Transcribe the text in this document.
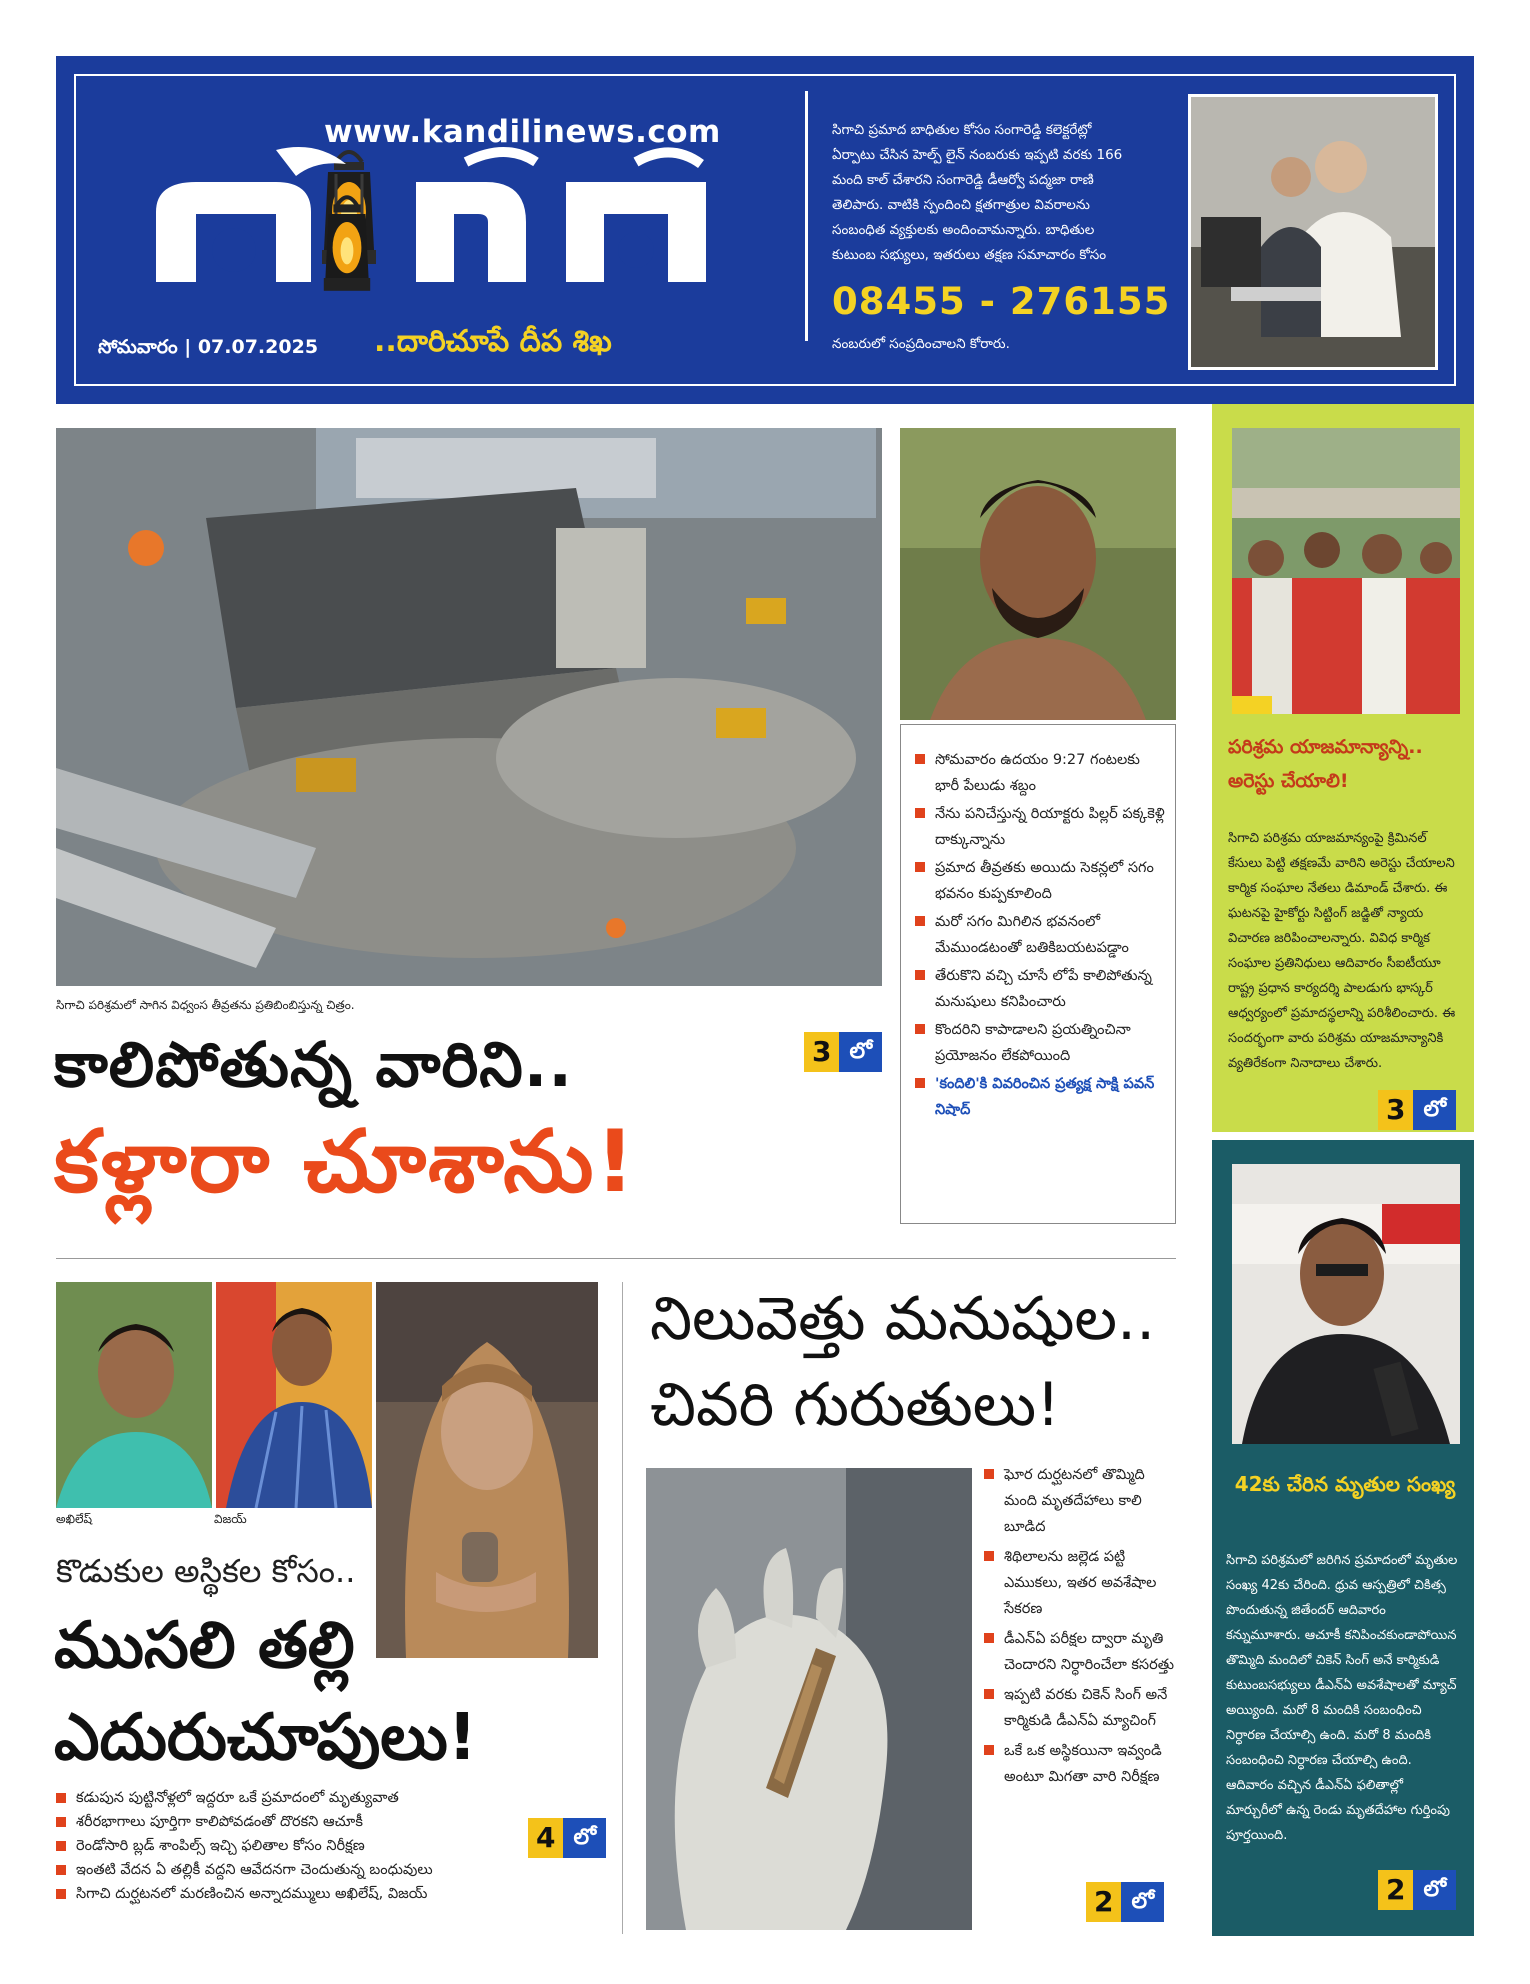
www.kandilinews.com
సోమవారం | 07.07.2025 ..దారిచూపే దీప శిఖ
సిగాచి ప్రమాద బాధితుల కోసం సంగారెడ్డి కలెక్టరేట్లో ఏర్పాటు చేసిన హెల్ప్ లైన్ నంబరుకు ఇప్పటి వరకు 166 మంది కాల్ చేశారని సంగారెడ్డి డీఆర్వో పద్మజా రాణి తెలిపారు. వాటికి స్పందించి క్షతగాత్రుల వివరాలను సంబంధిత వ్యక్తులకు అందించామన్నారు. బాధితుల కుటుంబ సభ్యులు, ఇతరులు తక్షణ సమాచారం కోసం
08455 - 276155
నంబరులో సంప్రదించాలని కోరారు.
సిగాచి పరిశ్రమలో సాగిన విధ్వంస తీవ్రతను ప్రతిబింబిస్తున్న చిత్రం.
కాలిపోతున్న వారిని..
కళ్లారా చూశాను!
3 లో
సోమవారం ఉదయం 9:27 గంటలకు భారీ పేలుడు శబ్దం
నేను పనిచేస్తున్న రియాక్టరు పిల్లర్ పక్కకెళ్లి దాక్కున్నాను
ప్రమాద తీవ్రతకు అయిదు సెకన్లలో సగం భవనం కుప్పకూలింది
మరో సగం మిగిలిన భవనంలో మేముండటంతో బతికిబయటపడ్డాం
తేరుకొని వచ్చి చూసే లోపే కాలిపోతున్న మనుషులు కనిపించారు
కొందరిని కాపాడాలని ప్రయత్నించినా ప్రయోజనం లేకపోయింది
'కందిలి'కి వివరించిన ప్రత్యక్ష సాక్షి పవన్ నిషాద్
పరిశ్రమ యాజమాన్యాన్ని.. అరెస్టు చేయాలి!
సిగాచి పరిశ్రమ యాజమాన్యంపై క్రిమినల్ కేసులు పెట్టి తక్షణమే వారిని అరెస్టు చేయాలని కార్మిక సంఘాల నేతలు డిమాండ్ చేశారు. ఈ ఘటనపై హైకోర్టు సిట్టింగ్ జడ్జితో న్యాయ విచారణ జరిపించాలన్నారు. వివిధ కార్మిక సంఘాల ప్రతినిధులు ఆదివారం సీఐటీయూ రాష్ట్ర ప్రధాన కార్యదర్శి పాలడుగు భాస్కర్ ఆధ్వర్యంలో ప్రమాదస్థలాన్ని పరిశీలించారు. ఈ సందర్భంగా వారు పరిశ్రమ యాజమాన్యానికి వ్యతిరేకంగా నినాదాలు చేశారు.
3 లో
42కు చేరిన మృతుల సంఖ్య
సిగాచి పరిశ్రమలో జరిగిన ప్రమాదంలో మృతుల సంఖ్య 42కు చేరింది. ధ్రువ ఆస్పత్రిలో చికిత్స పొందుతున్న జితేందర్ ఆదివారం కన్నుమూశారు. ఆచూకీ కనిపించకుండాపోయిన తొమ్మిది మందిలో చికెన్ సింగ్ అనే కార్మికుడి కుటుంబసభ్యులు డీఎన్ఏ అవశేషాలతో మ్యాచ్ అయ్యింది. మరో 8 మందికి సంబంధించి నిర్ధారణ చేయాల్సి ఉంది. మరో 8 మందికి సంబంధించి నిర్ధారణ చేయాల్సి ఉంది. ఆదివారం వచ్చిన డీఎన్ఏ ఫలితాల్లో మార్చురీలో ఉన్న రెండు మృతదేహాల గుర్తింపు పూర్తయింది.
2 లో
అఖిలేష్	విజయ్
కొడుకుల అస్థికల కోసం..
ముసలి తల్లి ఎదురుచూపులు!
4 లో
కడుపున పుట్టినోళ్లలో ఇద్దరూ ఒకే ప్రమాదంలో మృత్యువాత
శరీరభాగాలు పూర్తిగా కాలిపోవడంతో దొరకని ఆచూకీ
రెండోసారి బ్లడ్ శాంపిల్స్ ఇచ్చి ఫలితాల కోసం నిరీక్షణ
ఇంతటి వేదన ఏ తల్లికీ వద్దని ఆవేదనగా చెందుతున్న బంధువులు
సిగాచి దుర్ఘటనలో మరణించిన అన్నాదమ్ములు అఖిలేష్, విజయ్
నిలువెత్తు మనుషుల.. చివరి గురుతులు!
ఘోర దుర్ఘటనలో తొమ్మిది మంది మృతదేహాలు కాలి బూడిద
శిథిలాలను జల్లెడ పట్టి ఎముకలు, ఇతర అవశేషాల సేకరణ
డీఎన్ఏ పరీక్షల ద్వారా మృతి చెందారని నిర్ధారించేలా కసరత్తు
ఇప్పటి వరకు చికెన్ సింగ్ అనే కార్మికుడి డీఎన్ఏ మ్యాచింగ్
ఒకే ఒక అస్థికయినా ఇవ్వండి అంటూ మిగతా వారి నిరీక్షణ
2 లో
